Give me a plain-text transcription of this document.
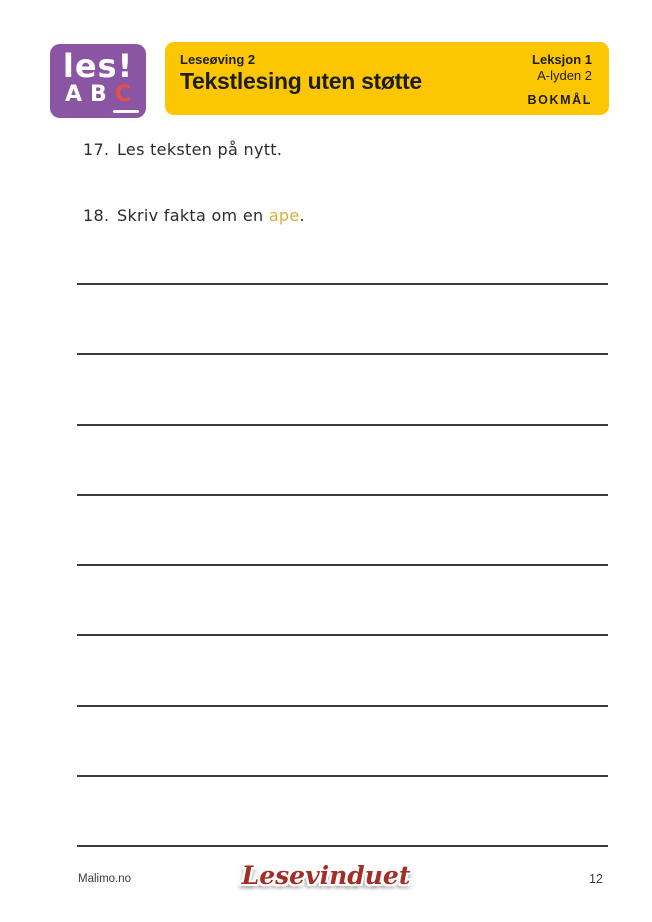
les!
A B C
Leseøving 2
Tekstlesing uten støtte
Leksjon 1
A-lyden 2
BOKMÅL
17. Les teksten på nytt.
18. Skriv fakta om en ape.
Malimo.no	Lesevinduet	12
